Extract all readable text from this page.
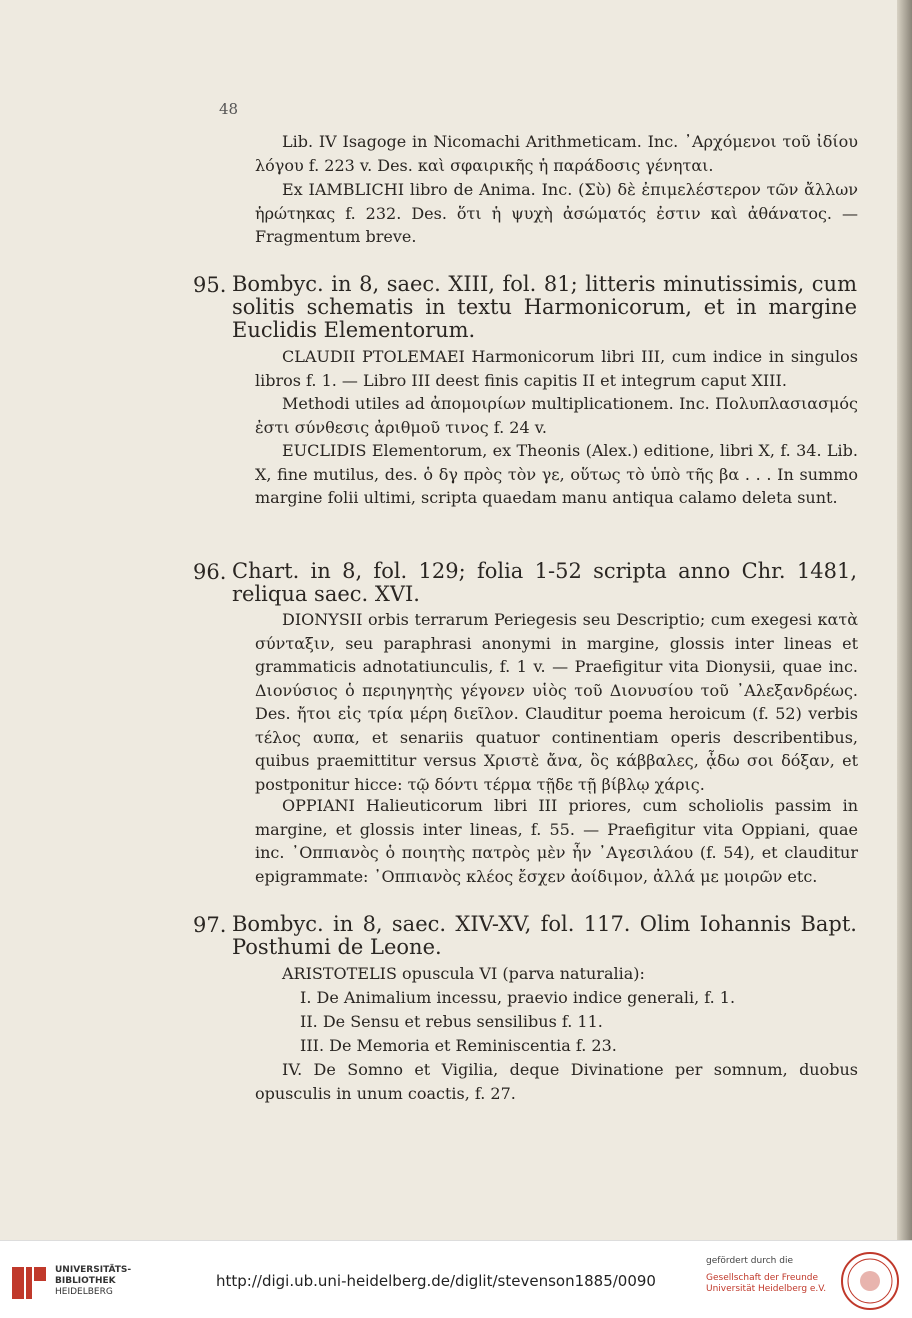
48
Lib. IV Isagoge in Nicomachi Arithmeticam. Inc. ᾿Αρχόμενοι τοῦ ἰδίου λόγου f. 223 v. Des. καὶ σφαιρικῆς ἡ παράδοσις γένηται.
Ex IAMBLICHI libro de Anima. Inc. (Σὺ) δὲ ἐπιμελέστερον τῶν ἄλλων ἡρώτηκας f. 232. Des. ὅτι ἡ ψυχὴ ἀσώματός ἐστιν καὶ ἀθάνατος. — Fragmentum breve.
95. Bombyc. in 8, saec. XIII, fol. 81; litteris minutissimis, cum solitis schematis in textu Harmonicorum, et in margine Euclidis Elementorum.
CLAUDII PTOLEMAEI Harmonicorum libri III, cum indice in singulos libros f. 1. — Libro III deest finis capitis II et integrum caput XIII.
Methodi utiles ad ἀπομοιρίων multiplicationem. Inc. Πολυπλασιασμός ἐστι σύνθεσις ἀριθμοῦ τινος f. 24 v.
EUCLIDIS Elementorum, ex Theonis (Alex.) editione, libri X, f. 34. Lib. X, fine mutilus, des. ὁ δγ πρὸς τὸν γε, οὕτως τὸ ὑπὸ τῆς βα . . . In summo margine folii ultimi, scripta quaedam manu antiqua calamo deleta sunt.
96. Chart. in 8, fol. 129; folia 1-52 scripta anno Chr. 1481, reliqua saec. XVI.
DIONYSII orbis terrarum Periegesis seu Descriptio; cum exegesi κατὰ σύνταξιν, seu paraphrasi anonymi in margine, glossis inter lineas et grammaticis adnotatiunculis, f. 1 v. — Praefigitur vita Dionysii, quae inc. Διονύσιος ὁ περιηγητὴς γέγονεν υἱὸς τοῦ Διονυσίου τοῦ ᾿Αλεξανδρέως. Des. ἤτοι εἰς τρία μέρη διεῖλον. Clauditur poema heroicum (f. 52) verbis τέλος αυπα, et senariis quatuor continentiam operis describentibus, quibus praemittitur versus Χριστὲ ἄνα, ὃς κάββαλες, ᾆδω σοι δόξαν, et postponitur hicce: τῷ δόντι τέρμα τῇδε τῇ βίβλῳ χάρις.
OPPIANI Halieuticorum libri III priores, cum scholiolis passim in margine, et glossis inter lineas, f. 55. — Praefigitur vita Oppiani, quae inc. ᾿Οππιανὸς ὁ ποιητὴς πατρὸς μὲν ἦν ᾿Αγεσιλάου (f. 54), et clauditur epigrammate: ᾿Οππιανὸς κλέος ἔσχεν ἀοίδιμον, ἀλλά με μοιρῶν etc.
97. Bombyc. in 8, saec. XIV-XV, fol. 117. Olim Iohannis Bapt. Posthumi de Leone.
ARISTOTELIS opuscula VI (parva naturalia):
I. De Animalium incessu, praevio indice generali, f. 1.
II. De Sensu et rebus sensilibus f. 11.
III. De Memoria et Reminiscentia f. 23.
IV. De Somno et Vigilia, deque Divinatione per somnum, duobus opusculis in unum coactis, f. 27.
UNIVERSITÄTS-
BIBLIOTHEK
HEIDELBERG
http://digi.ub.uni-heidelberg.de/diglit/stevenson1885/0090
gefördert durch die
Gesellschaft der Freunde
Universität Heidelberg e.V.
